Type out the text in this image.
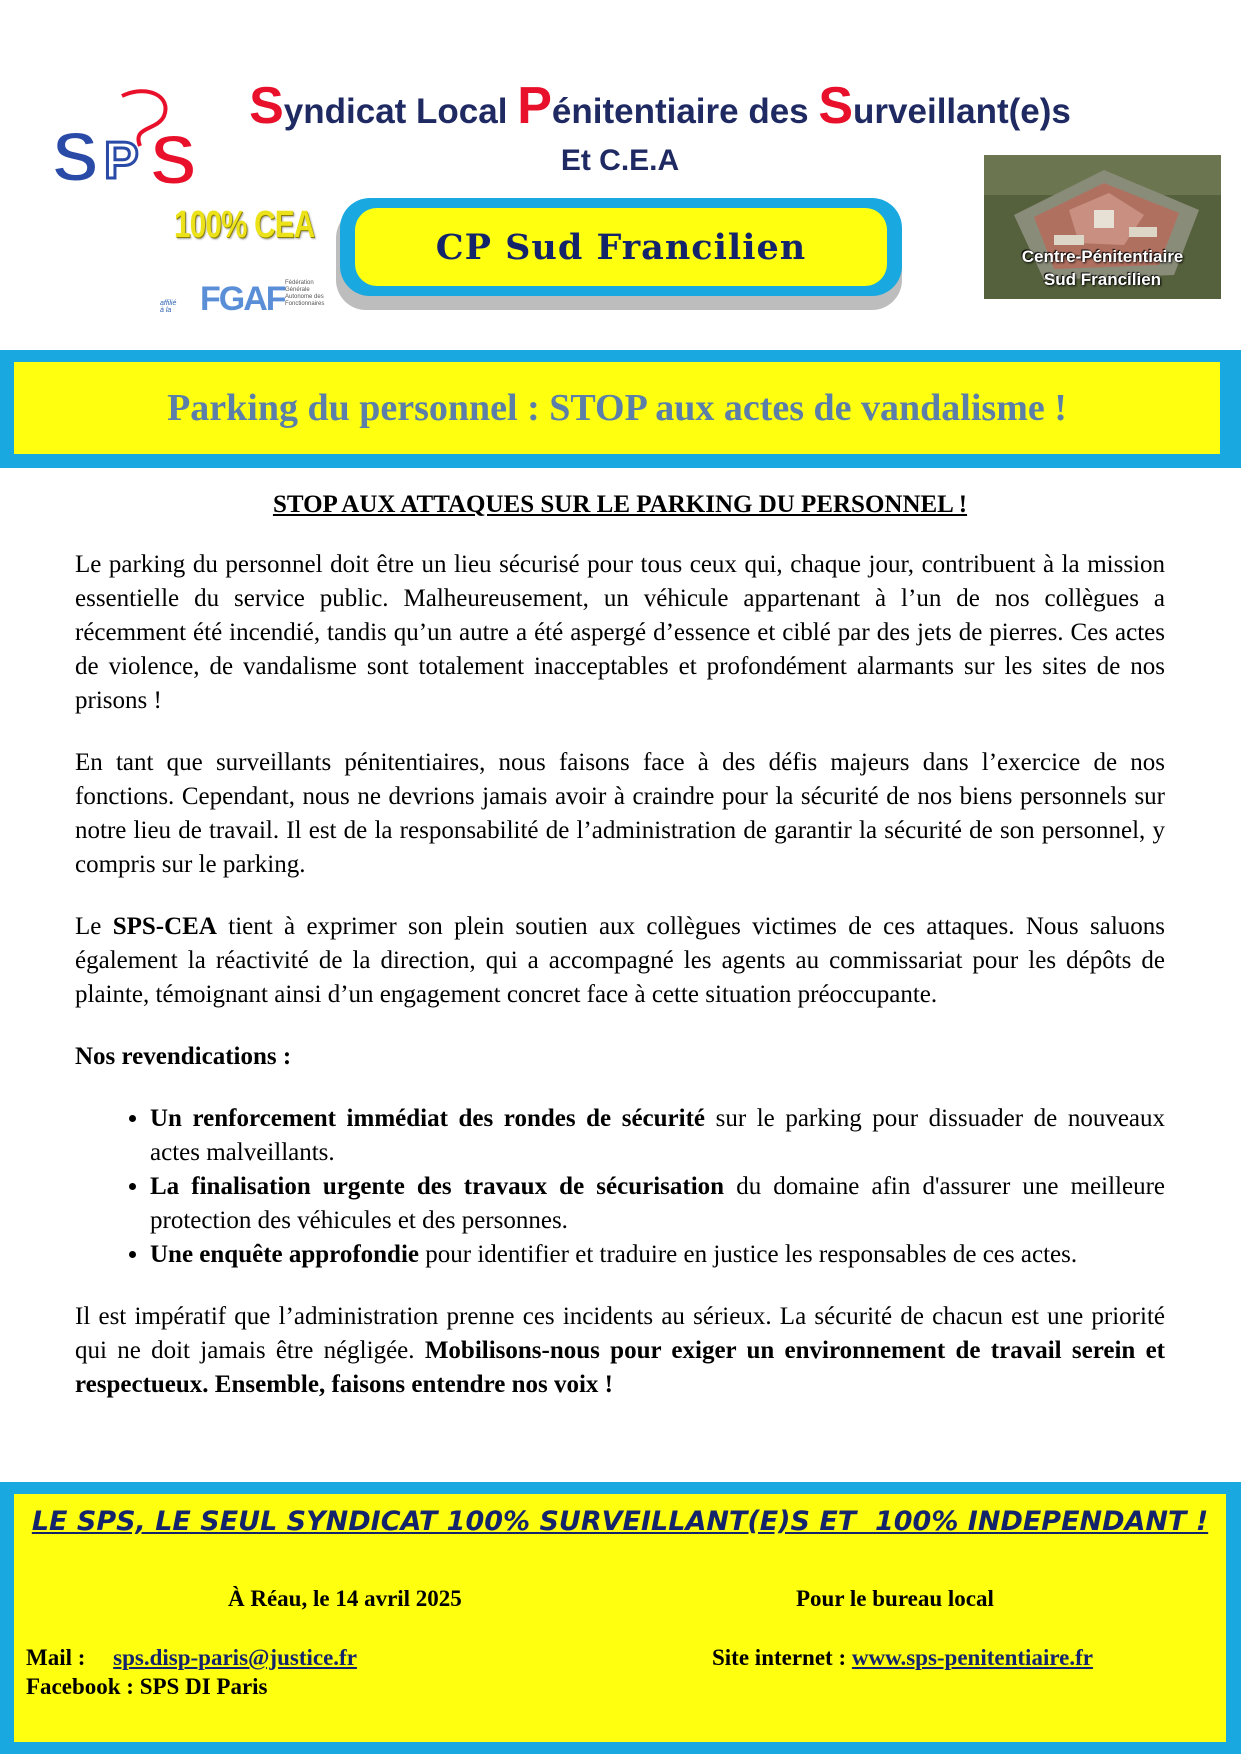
Syndicat Local Pénitentiaire des Surveillant(e)s
Et C.E.A
S P S
100% CEA
affilié à la FGAF Fédération Générale Autonome des Fonctionnaires
CP Sud Francilien	Centre-Pénitentiaire
Sud Francilien
Parking du personnel : STOP aux actes de vandalisme !
STOP AUX ATTAQUES SUR LE PARKING DU PERSONNEL !

Le parking du personnel doit être un lieu sécurisé pour tous ceux qui, chaque jour, contribuent à la mission essentielle du service public. Malheureusement, un véhicule appartenant à l’un de nos collègues a récemment été incendié, tandis qu’un autre a été aspergé d’essence et ciblé par des jets de pierres. Ces actes de violence, de vandalisme sont totalement inacceptables et profondément alarmants sur les sites de nos prisons !

En tant que surveillants pénitentiaires, nous faisons face à des défis majeurs dans l’exercice de nos fonctions. Cependant, nous ne devrions jamais avoir à craindre pour la sécurité de nos biens personnels sur notre lieu de travail. Il est de la responsabilité de l’administration de garantir la sécurité de son personnel, y compris sur le parking.

Le SPS-CEA tient à exprimer son plein soutien aux collègues victimes de ces attaques. Nous saluons également la réactivité de la direction, qui a accompagné les agents au commissariat pour les dépôts de plainte, témoignant ainsi d’un engagement concret face à cette situation préoccupante.

Nos revendications :
• Un renforcement immédiat des rondes de sécurité sur le parking pour dissuader de nouveaux actes malveillants.
• La finalisation urgente des travaux de sécurisation du domaine afin d'assurer une meilleure protection des véhicules et des personnes.
• Une enquête approfondie pour identifier et traduire en justice les responsables de ces actes.

Il est impératif que l’administration prenne ces incidents au sérieux. La sécurité de chacun est une priorité qui ne doit jamais être négligée. Mobilisons-nous pour exiger un environnement de travail serein et respectueux. Ensemble, faisons entendre nos voix !

LE SPS, LE SEUL SYNDICAT 100% SURVEILLANT(E)S ET  100% INDEPENDANT !
À Réau, le 14 avril 2025	Pour le bureau local
Mail : sps.disp-paris@justice.fr
Facebook : SPS DI Paris
Site internet : www.sps-penitentiaire.fr
